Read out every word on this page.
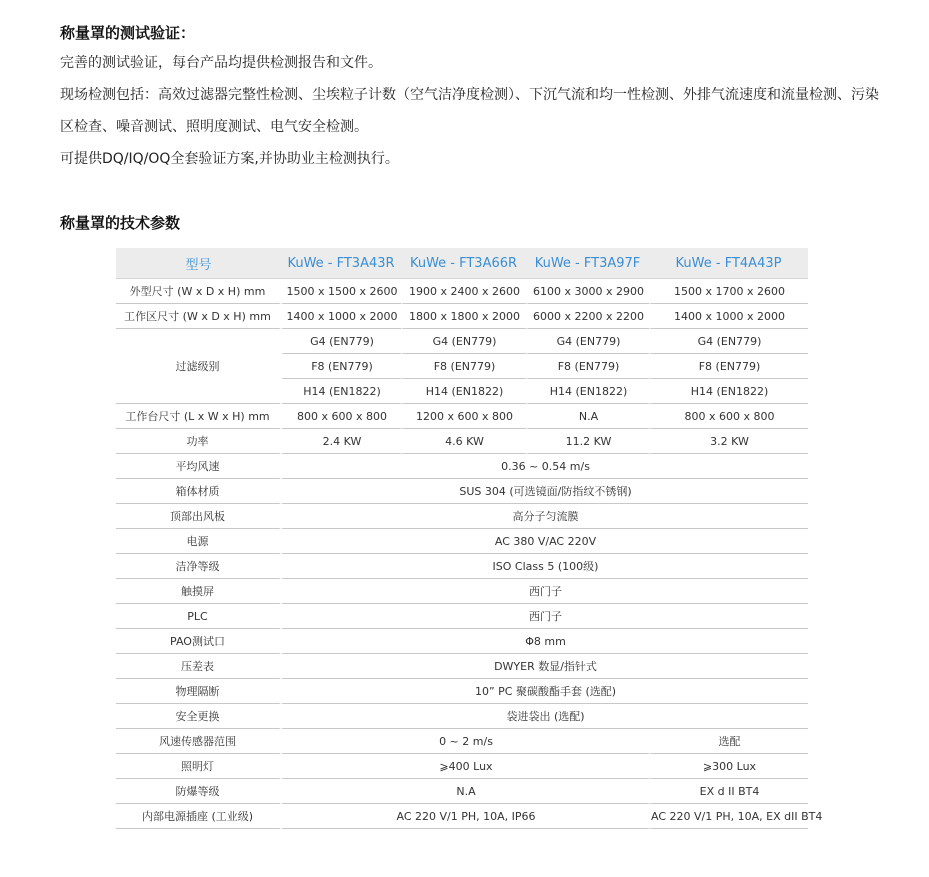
称量罩的测试验证：

完善的测试验证，每台产品均提供检测报告和文件。

现场检测包括：高效过滤器完整性检测、尘埃粒子计数（空气洁净度检测）、下沉气流和均一性检测、外排气流速度和流量检测、污染区检查、噪音测试、照明度测试、电气安全检测。

可提供DQ/IQ/OQ全套验证方案,并协助业主检测执行。

称量罩的技术参数
型号	KuWe - FT3A43R	KuWe - FT3A66R	KuWe - FT3A97F	KuWe - FT4A43P
外型尺寸 (W x D x H) mm	1500 x 1500 x 2600	1900 x 2400 x 2600	6100 x 3000 x 2900	1500 x 1700 x 2600
工作区尺寸 (W x D x H) mm	1400 x 1000 x 2000	1800 x 1800 x 2000	6000 x 2200 x 2200	1400 x 1000 x 2000
过滤级别	G4 (EN779)	G4 (EN779)	G4 (EN779)	G4 (EN779)
	F8 (EN779)	F8 (EN779)	F8 (EN779)	F8 (EN779)
	H14 (EN1822)	H14 (EN1822)	H14 (EN1822)	H14 (EN1822)
工作台尺寸 (L x W x H) mm	800 x 600 x 800	1200 x 600 x 800	N.A	800 x 600 x 800
功率	2.4 KW	4.6 KW	11.2 KW	3.2 KW
平均风速	0.36 ~ 0.54 m/s			
箱体材质	SUS 304 (可选镜面/防指纹不锈钢)			
顶部出风板	高分子匀流膜			
电源	AC 380 V/AC 220V			
洁净等级	ISO Class 5 (100级)			
触摸屏	西门子			
PLC	西门子			
PAO测试口	Φ8 mm			
压差表	DWYER 数显/指针式			
物理隔断	10” PC 聚碳酸酯手套 (选配)			
安全更换	袋进袋出 (选配)			
风速传感器范围	0 ~ 2 m/s			选配
照明灯	⩾400 Lux			⩾300 Lux
防爆等级	N.A			EX d II BT4
内部电源插座 (工业级)	AC 220 V/1 PH, 10A, IP66			AC 220 V/1 PH, 10A, EX dII BT4
